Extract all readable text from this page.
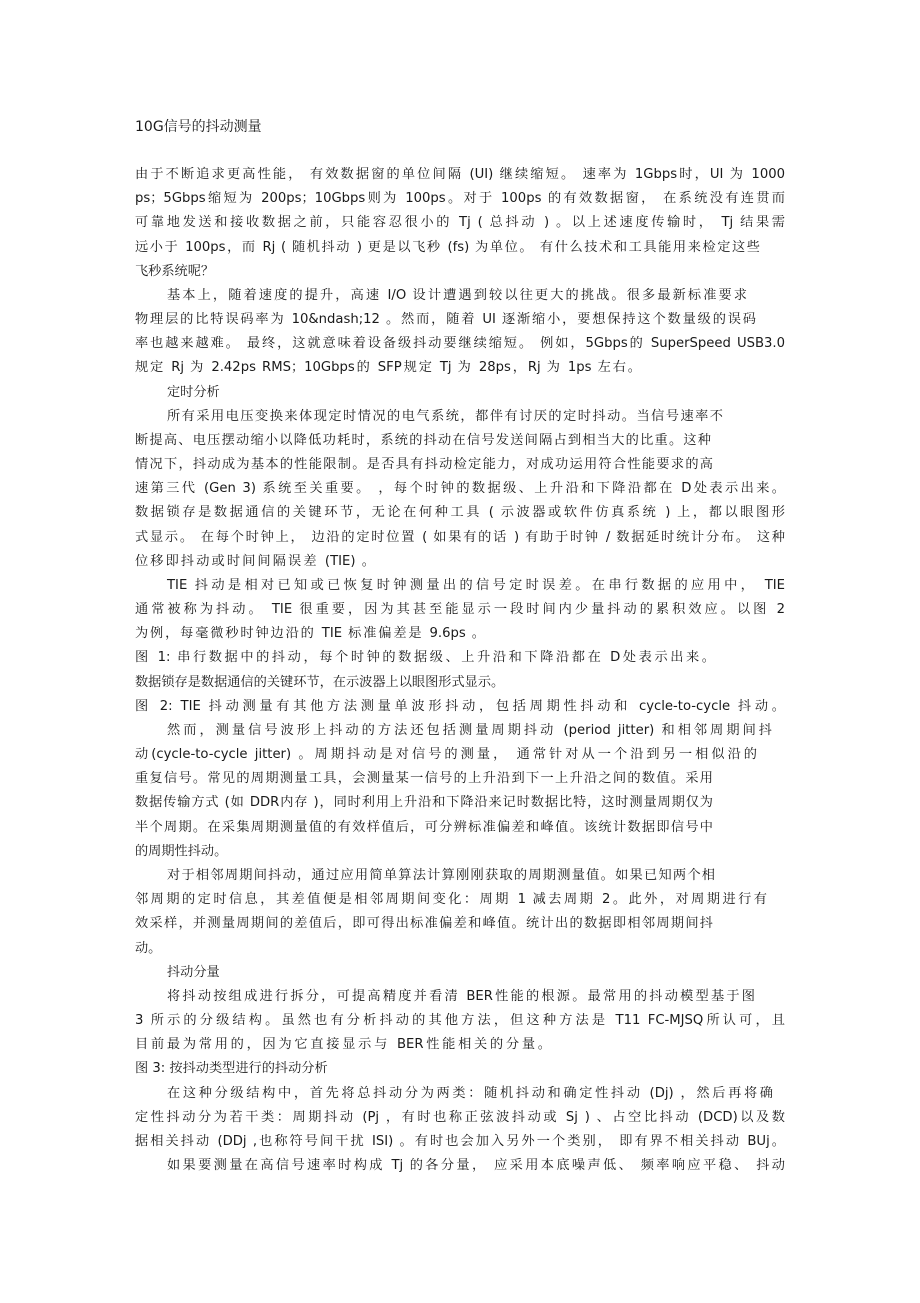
10G信号的抖动测量
由于不断追求更高性能， 有效数据窗的单位间隔 (UI) 继续缩短。 速率为 1Gbps时，UI 为 1000
ps；5Gbps缩短为 200ps；10Gbps则为 100ps。对于 100ps 的有效数据窗， 在系统没有连贯而
可靠地发送和接收数据之前，只能容忍很小的 Tj ( 总抖动 ) 。以上述速度传输时， Tj 结果需
远小于 100ps，而 Rj ( 随机抖动 ) 更是以飞秒 (fs) 为单位。 有什么技术和工具能用来检定这些
飞秒系统呢？
基本上，随着速度的提升，高速 I/O 设计遭遇到较以往更大的挑战。很多最新标准要求
物理层的比特误码率为 10&ndash;12 。然而，随着 UI 逐渐缩小，要想保持这个数量级的误码
率也越来越难。 最终，这就意味着设备级抖动要继续缩短。 例如，5Gbps的 SuperSpeed USB3.0
规定 Rj 为 2.42ps RMS；10Gbps的 SFP规定 Tj 为 28ps，Rj 为 1ps 左右。
定时分析
所有采用电压变换来体现定时情况的电气系统，都伴有讨厌的定时抖动。当信号速率不
断提高、电压摆动缩小以降低功耗时，系统的抖动在信号发送间隔占到相当大的比重。这种
情况下，抖动成为基本的性能限制。是否具有抖动检定能力，对成功运用符合性能要求的高
速第三代 (Gen 3) 系统至关重要。 ，每个时钟的数据级、上升沿和下降沿都在 D处表示出来。
数据锁存是数据通信的关键环节，无论在何种工具 ( 示波器或软件仿真系统 ) 上，都以眼图形
式显示。 在每个时钟上， 边沿的定时位置 ( 如果有的话 ) 有助于时钟 / 数据延时统计分布。 这种
位移即抖动或时间间隔误差 (TIE) 。
TIE 抖动是相对已知或已恢复时钟测量出的信号定时误差。在串行数据的应用中， TIE
通常被称为抖动。 TIE 很重要，因为其甚至能显示一段时间内少量抖动的累积效应。以图 2
为例，每毫微秒时钟边沿的 TIE 标准偏差是 9.6ps 。
图 1: 串行数据中的抖动，每个时钟的数据级、上升沿和下降沿都在 D处表示出来。
数据锁存是数据通信的关键环节，在示波器上以眼图形式显示。
图 2: TIE 抖动测量有其他方法测量单波形抖动，包括周期性抖动和 cycle-to-cycle 抖动。
然而，测量信号波形上抖动的方法还包括测量周期抖动 (period jitter) 和相邻周期间抖
动(cycle-to-cycle jitter) 。周期抖动是对信号的测量， 通常针对从一个沿到另一相似沿的
重复信号。常见的周期测量工具，会测量某一信号的上升沿到下一上升沿之间的数值。采用
数据传输方式 (如 DDR内存 )，同时利用上升沿和下降沿来记时数据比特，这时测量周期仅为
半个周期。在采集周期测量值的有效样值后，可分辨标准偏差和峰值。该统计数据即信号中
的周期性抖动。
对于相邻周期间抖动，通过应用简单算法计算刚刚获取的周期测量值。如果已知两个相
邻周期的定时信息，其差值便是相邻周期间变化：周期 1 减去周期 2。此外，对周期进行有
效采样，并测量周期间的差值后，即可得出标准偏差和峰值。统计出的数据即相邻周期间抖
动。
抖动分量
将抖动按组成进行拆分，可提高精度并看清 BER性能的根源。最常用的抖动模型基于图
3 所示的分级结构。虽然也有分析抖动的其他方法，但这种方法是 T11 FC-MJSQ所认可，且
目前最为常用的，因为它直接显示与 BER性能相关的分量。
图 3: 按抖动类型进行的抖动分析
在这种分级结构中，首先将总抖动分为两类：随机抖动和确定性抖动 (Dj) ，然后再将确
定性抖动分为若干类：周期抖动 (Pj ，有时也称正弦波抖动或 Sj ) 、占空比抖动 (DCD)以及数
据相关抖动 (DDj ,也称符号间干扰 ISI) 。有时也会加入另外一个类别， 即有界不相关抖动 BUj。
如果要测量在高信号速率时构成 Tj 的各分量， 应采用本底噪声低、 频率响应平稳、 抖动
